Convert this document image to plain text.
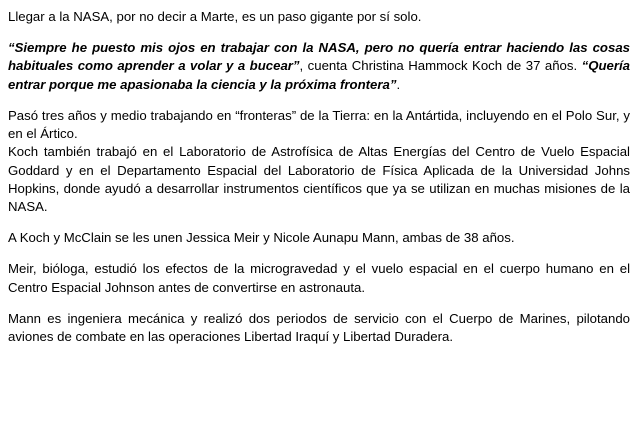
Llegar a la NASA, por no decir a Marte, es un paso gigante por sí solo.

“Siempre he puesto mis ojos en trabajar con la NASA, pero no quería entrar haciendo las cosas habituales como aprender a volar y a bucear”, cuenta Christina Hammock Koch de 37 años. “Quería entrar porque me apasionaba la ciencia y la próxima frontera”.

Pasó tres años y medio trabajando en “fronteras” de la Tierra: en la Antártida, incluyendo en el Polo Sur, y en el Ártico.

Koch también trabajó en el Laboratorio de Astrofísica de Altas Energías del Centro de Vuelo Espacial Goddard y en el Departamento Espacial del Laboratorio de Física Aplicada de la Universidad Johns Hopkins, donde ayudó a desarrollar instrumentos científicos que ya se utilizan en muchas misiones de la NASA.

A Koch y McClain se les unen Jessica Meir y Nicole Aunapu Mann, ambas de 38 años.

Meir, bióloga, estudió los efectos de la microgravedad y el vuelo espacial en el cuerpo humano en el Centro Espacial Johnson antes de convertirse en astronauta.

Mann es ingeniera mecánica y realizó dos periodos de servicio con el Cuerpo de Marines, pilotando aviones de combate en las operaciones Libertad Iraquí y Libertad Duradera.
